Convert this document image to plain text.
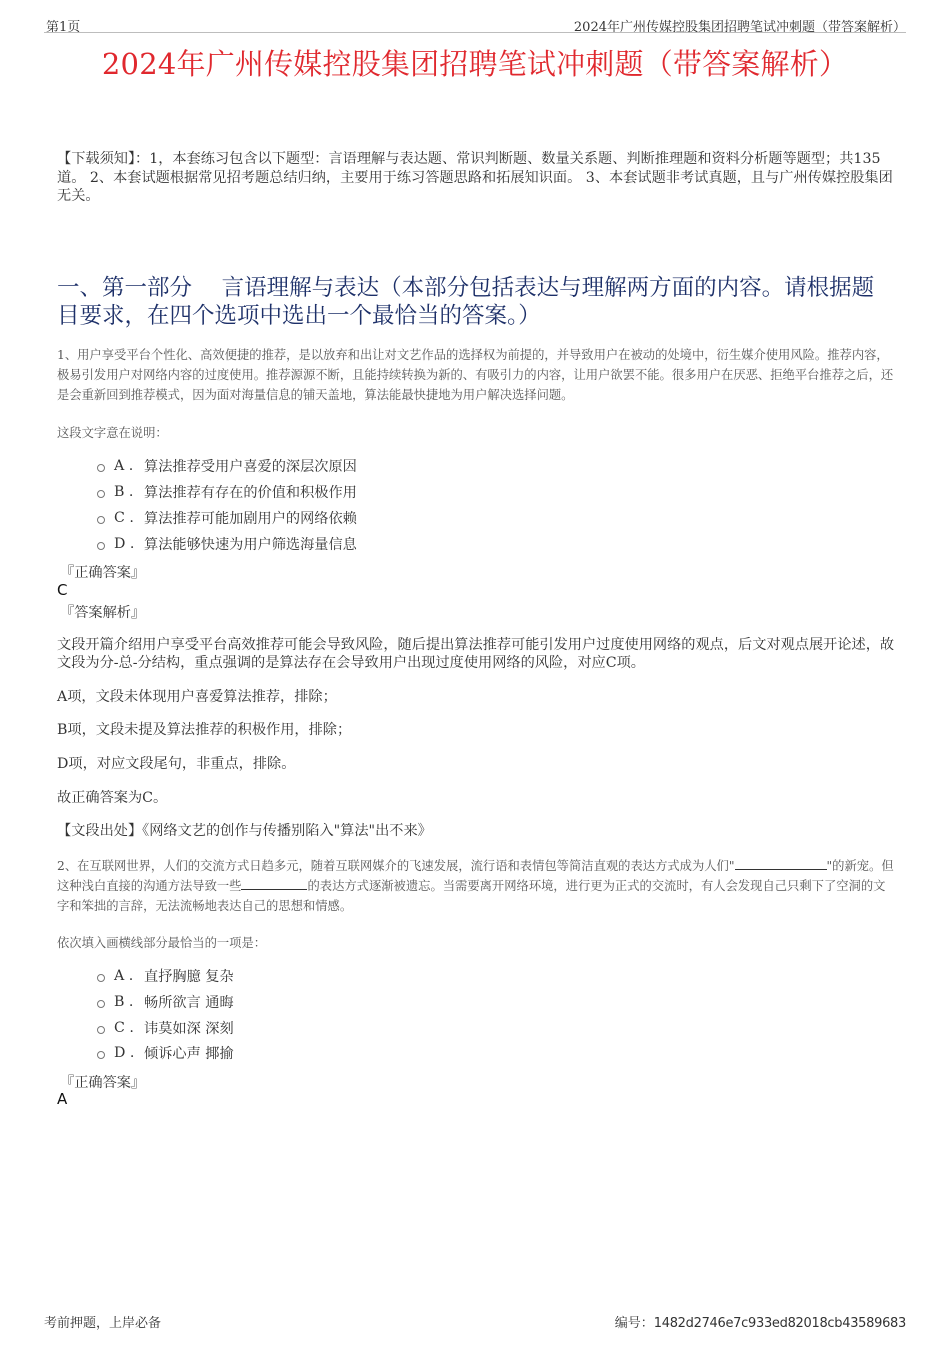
第1页	2024年广州传媒控股集团招聘笔试冲刺题（带答案解析）
2024年广州传媒控股集团招聘笔试冲刺题（带答案解析）
【下载须知】：1，本套练习包含以下题型：言语理解与表达题、常识判断题、数量关系题、判断推理题和资料分析题等题型；共135道。 2、本套试题根据常见招考题总结归纳，主要用于练习答题思路和拓展知识面。 3、本套试题非考试真题，且与广州传媒控股集团无关。
一、第一部分　 言语理解与表达（本部分包括表达与理解两方面的内容。请根据题目要求，在四个选项中选出一个最恰当的答案。）
1、用户享受平台个性化、高效便捷的推荐，是以放弃和出让对文艺作品的选择权为前提的，并导致用户在被动的处境中，衍生媒介使用风险。推荐内容，极易引发用户对网络内容的过度使用。推荐源源不断，且能持续转换为新的、有吸引力的内容，让用户欲罢不能。很多用户在厌恶、拒绝平台推荐之后，还是会重新回到推荐模式，因为面对海量信息的铺天盖地，算法能最快捷地为用户解决选择问题。
这段文字意在说明：
A . 算法推荐受用户喜爱的深层次原因
B . 算法推荐有存在的价值和积极作用
C . 算法推荐可能加剧用户的网络依赖
D . 算法能够快速为用户筛选海量信息
『正确答案』
C
『答案解析』
文段开篇介绍用户享受平台高效推荐可能会导致风险，随后提出算法推荐可能引发用户过度使用网络的观点，后文对观点展开论述，故文段为分-总-分结构，重点强调的是算法存在会导致用户出现过度使用网络的风险，对应C项。
A项，文段未体现用户喜爱算法推荐，排除；
B项，文段未提及算法推荐的积极作用，排除；
D项，对应文段尾句，非重点，排除。
故正确答案为C。
【文段出处】《网络文艺的创作与传播别陷入"算法"出不来》
2、在互联网世界，人们的交流方式日趋多元，随着互联网媒介的飞速发展，流行语和表情包等简洁直观的表达方式成为人们"	"的新宠。但这种浅白直接的沟通方法导致一些	的表达方式逐渐被遗忘。当需要离开网络环境，进行更为正式的交流时，有人会发现自己只剩下了空洞的文字和笨拙的言辞，无法流畅地表达自己的思想和情感。
依次填入画横线部分最恰当的一项是：
A . 直抒胸臆 复杂
B . 畅所欲言 通晦
C . 讳莫如深 深刻
D . 倾诉心声 揶揄
『正确答案』
A
考前押题，上岸必备	编号：1482d2746e7c933ed82018cb43589683
